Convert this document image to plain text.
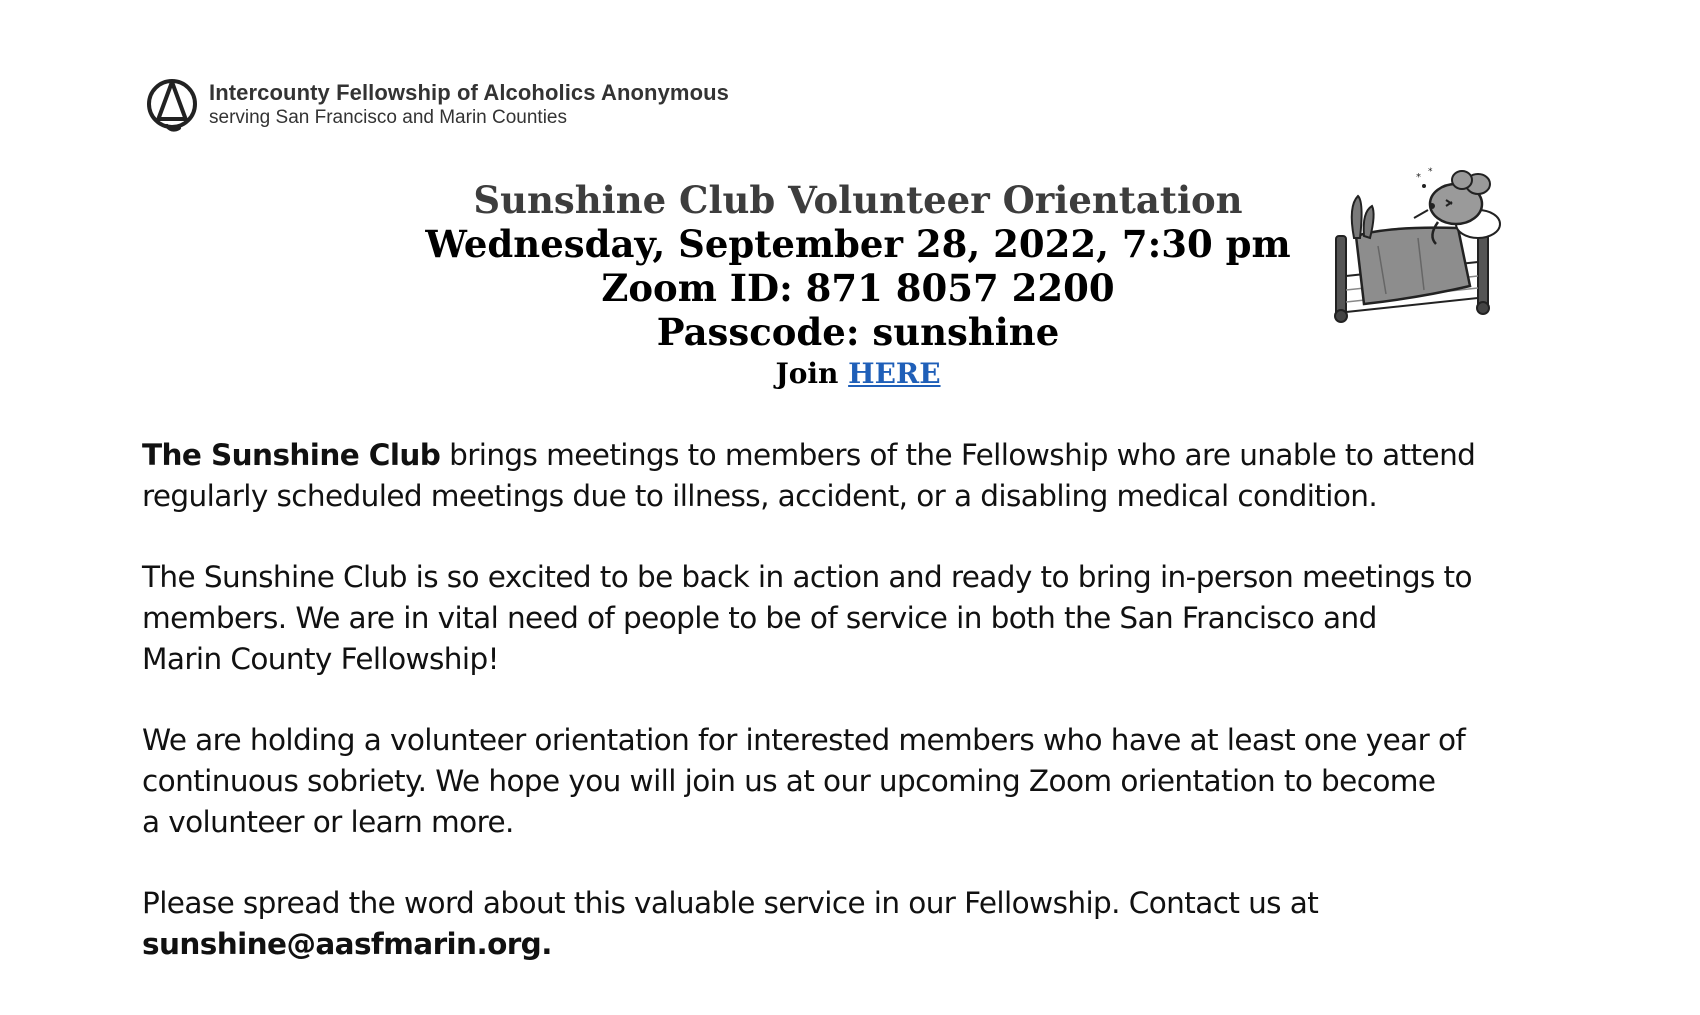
Intercounty Fellowship of Alcoholics Anonymous
serving San Francisco and Marin Counties
Sunshine Club Volunteer Orientation
Wednesday, September 28, 2022, 7:30 pm
Zoom ID: 871 8057 2200
Passcode: sunshine
Join HERE
* *

The Sunshine Club brings meetings to members of the Fellowship who are unable to attend
regularly scheduled meetings due to illness, accident, or a disabling medical condition.

The Sunshine Club is so excited to be back in action and ready to bring in-person meetings to
members. We are in vital need of people to be of service in both the San Francisco and
Marin County Fellowship!

We are holding a volunteer orientation for interested members who have at least one year of
continuous sobriety. We hope you will join us at our upcoming Zoom orientation to become
a volunteer or learn more.

Please spread the word about this valuable service in our Fellowship. Contact us at
sunshine@aasfmarin.org.
